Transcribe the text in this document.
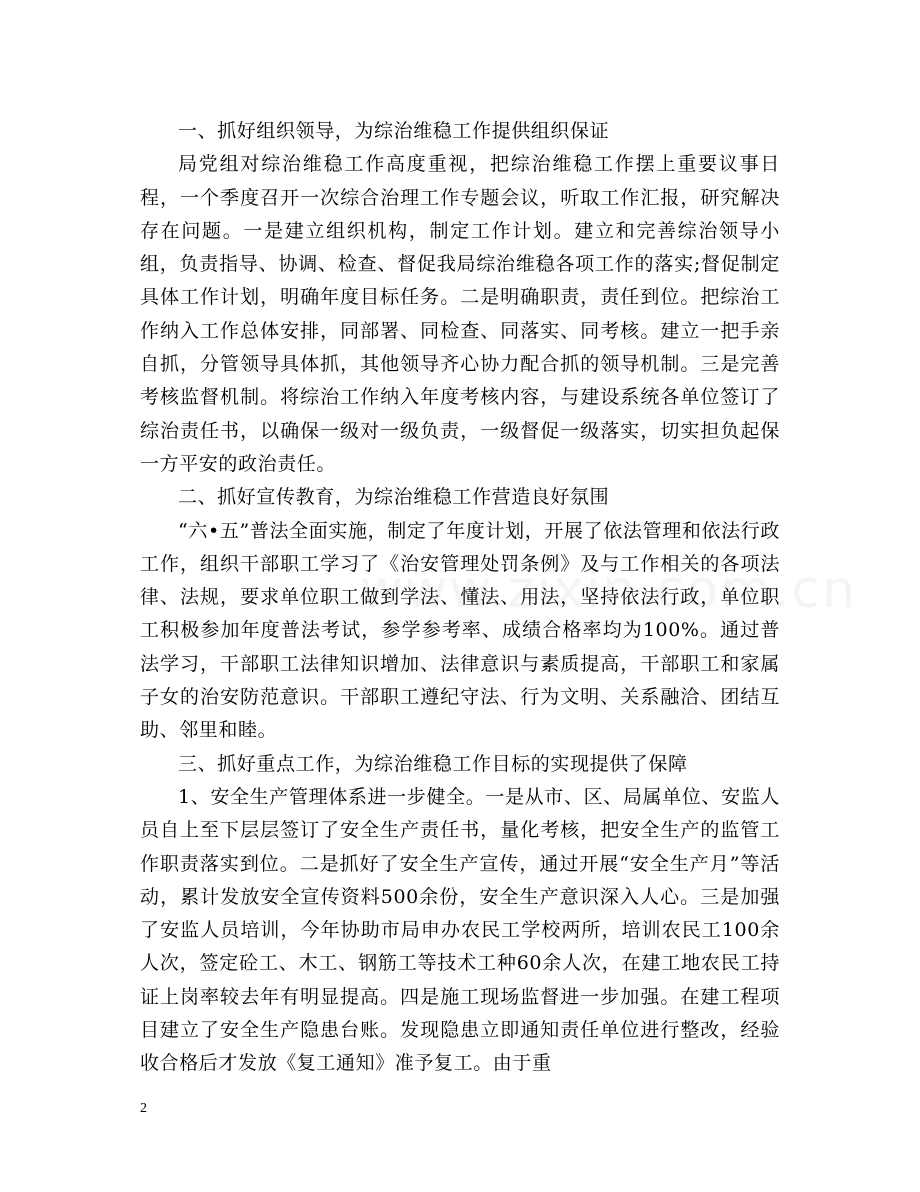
一、抓好组织领导，为综治维稳工作提供组织保证

局党组对综治维稳工作高度重视，把综治维稳工作摆上重要议事日程，一个季度召开一次综合治理工作专题会议，听取工作汇报，研究解决存在问题。一是建立组织机构，制定工作计划。建立和完善综治领导小组，负责指导、协调、检查、督促我局综治维稳各项工作的落实;督促制定具体工作计划，明确年度目标任务。二是明确职责，责任到位。把综治工作纳入工作总体安排，同部署、同检查、同落实、同考核。建立一把手亲自抓，分管领导具体抓，其他领导齐心协力配合抓的领导机制。三是完善考核监督机制。将综治工作纳入年度考核内容，与建设系统各单位签订了综治责任书，以确保一级对一级负责，一级督促一级落实，切实担负起保一方平安的政治责任。

二、抓好宣传教育，为综治维稳工作营造良好氛围

“六•五”普法全面实施，制定了年度计划，开展了依法管理和依法行政工作，组织干部职工学习了《治安管理处罚条例》及与工作相关的各项法律、法规，要求单位职工做到学法、懂法、用法，坚持依法行政，单位职工积极参加年度普法考试，参学参考率、成绩合格率均为100%。通过普法学习，干部职工法律知识增加、法律意识与素质提高，干部职工和家属子女的治安防范意识。干部职工遵纪守法、行为文明、关系融洽、团结互助、邻里和睦。

三、抓好重点工作，为综治维稳工作目标的实现提供了保障

1、安全生产管理体系进一步健全。一是从市、区、局属单位、安监人员自上至下层层签订了安全生产责任书，量化考核，把安全生产的监管工作职责落实到位。二是抓好了安全生产宣传，通过开展“安全生产月”等活动，累计发放安全宣传资料500余份，安全生产意识深入人心。三是加强了安监人员培训，今年协助市局申办农民工学校两所，培训农民工100余人次，签定砼工、木工、钢筋工等技术工种60余人次，在建工地农民工持证上岗率较去年有明显提高。四是施工现场监督进一步加强。在建工程项目建立了安全生产隐患台账。发现隐患立即通知责任单位进行整改，经验收合格后才发放《复工通知》准予复工。由于重

2
